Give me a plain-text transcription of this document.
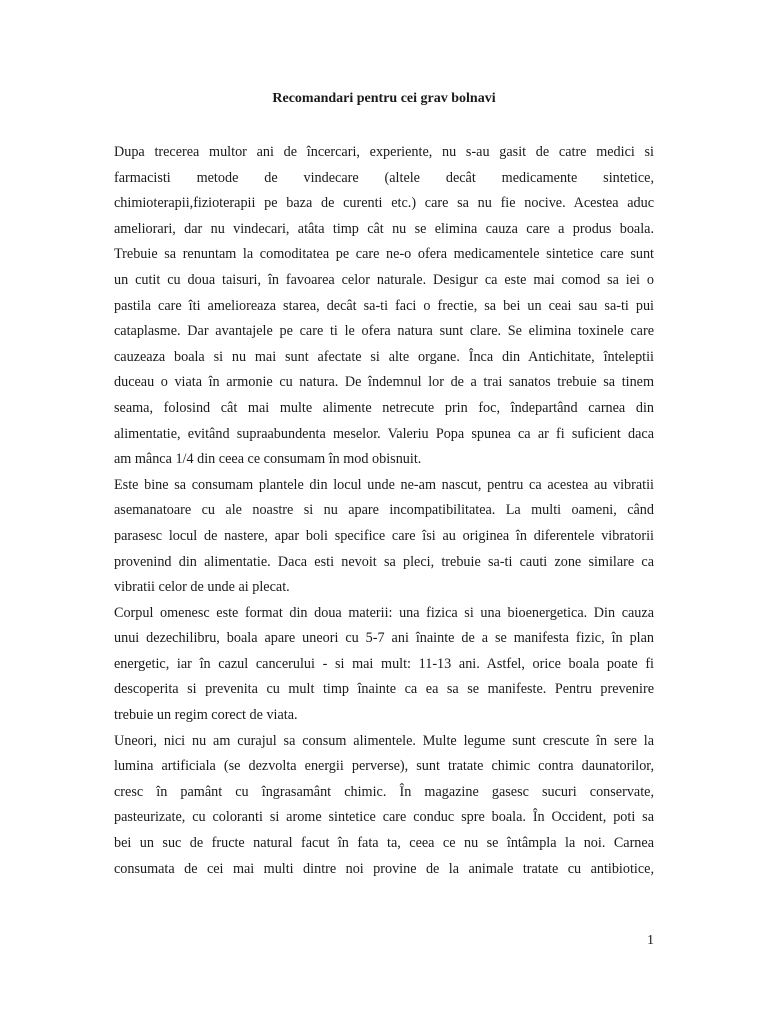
Recomandari pentru cei grav bolnavi

Dupa trecerea multor ani de încercari, experiente, nu s-au gasit de catre medici si

farmacisti metode de vindecare (altele decât medicamente sintetice,

chimioterapii,fizioterapii pe baza de curenti etc.) care sa nu fie nocive. Acestea aduc

ameliorari, dar nu vindecari, atâta timp cât nu se elimina cauza care a produs boala.

Trebuie sa renuntam la comoditatea pe care ne-o ofera medicamentele sintetice care sunt

un cutit cu doua taisuri, în favoarea celor naturale. Desigur ca este mai comod sa iei o

pastila care îti amelioreaza starea, decât sa-ti faci o frectie, sa bei un ceai sau sa-ti pui

cataplasme. Dar avantajele pe care ti le ofera natura sunt clare. Se elimina toxinele care

cauzeaza boala si nu mai sunt afectate si alte organe. Înca din Antichitate, înteleptii

duceau o viata în armonie cu natura. De îndemnul lor de a trai sanatos trebuie sa tinem

seama, folosind cât mai multe alimente netrecute prin foc, îndepartând carnea din

alimentatie, evitând supraabundenta meselor. Valeriu Popa spunea ca ar fi suficient daca

am mânca 1/4 din ceea ce consumam în mod obisnuit.

Este bine sa consumam plantele din locul unde ne-am nascut, pentru ca acestea au vibratii

asemanatoare cu ale noastre si nu apare incompatibilitatea. La multi oameni, când

parasesc locul de nastere, apar boli specifice care îsi au originea în diferentele vibratorii

provenind din alimentatie. Daca esti nevoit sa pleci, trebuie sa-ti cauti zone similare ca

vibratii celor de unde ai plecat.

Corpul omenesc este format din doua materii: una fizica si una bioenergetica. Din cauza

unui dezechilibru, boala apare uneori cu 5-7 ani înainte de a se manifesta fizic, în plan

energetic, iar în cazul cancerului - si mai mult: 11-13 ani. Astfel, orice boala poate fi

descoperita si prevenita cu mult timp înainte ca ea sa se manifeste. Pentru prevenire

trebuie un regim corect de viata.

Uneori, nici nu am curajul sa consum alimentele. Multe legume sunt crescute în sere la

lumina artificiala (se dezvolta energii perverse), sunt tratate chimic contra daunatorilor,

cresc în pamânt cu îngrasamânt chimic. În magazine gasesc sucuri conservate,

pasteurizate, cu coloranti si arome sintetice care conduc spre boala. În Occident, poti sa

bei un suc de fructe natural facut în fata ta, ceea ce nu se întâmpla la noi. Carnea

consumata de cei mai multi dintre noi provine de la animale tratate cu antibiotice,

1
